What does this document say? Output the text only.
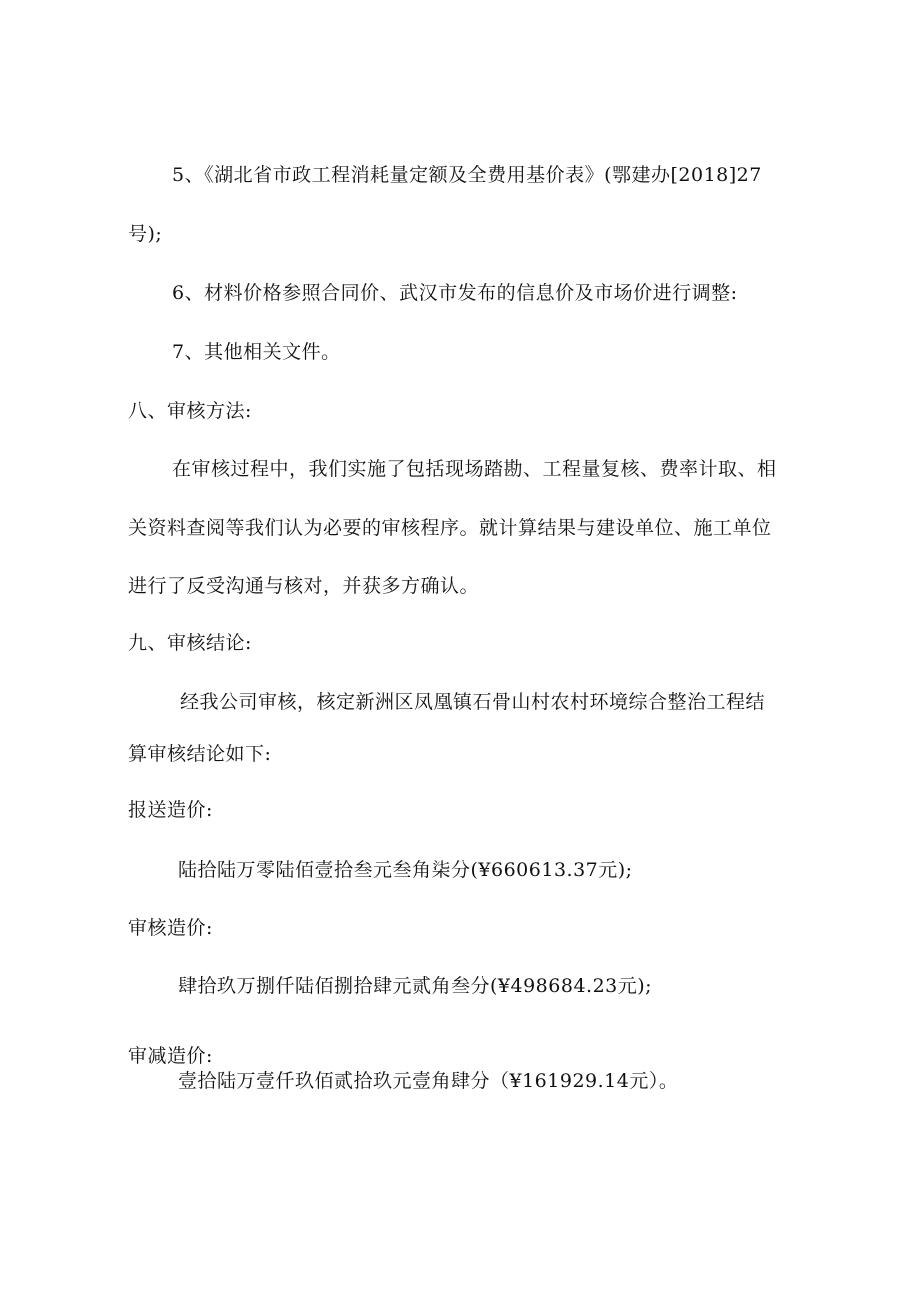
5、《湖北省市政工程消耗量定额及全费用基价表》(鄂建办[2018]27
号);
6、材料价格参照合同价、武汉市发布的信息价及市场价进行调整:
7、其他相关文件。
八、审核方法:
在审核过程中，我们实施了包括现场踏勘、工程量复核、费率计取、相
关资料查阅等我们认为必要的审核程序。就计算结果与建设单位、施工单位
进行了反受沟通与核对，并获多方确认。
九、审核结论:
经我公司审核，核定新洲区凤凰镇石骨山村农村环境综合整治工程结
算审核结论如下:
报送造价:
陆拾陆万零陆佰壹拾叁元叁角柒分(¥660613.37元);
审核造价:
肆拾玖万捌仟陆佰捌拾肆元贰角叁分(¥498684.23元);
审减造价:
壹拾陆万壹仟玖佰贰拾玖元壹角肆分（¥161929.14元）。
